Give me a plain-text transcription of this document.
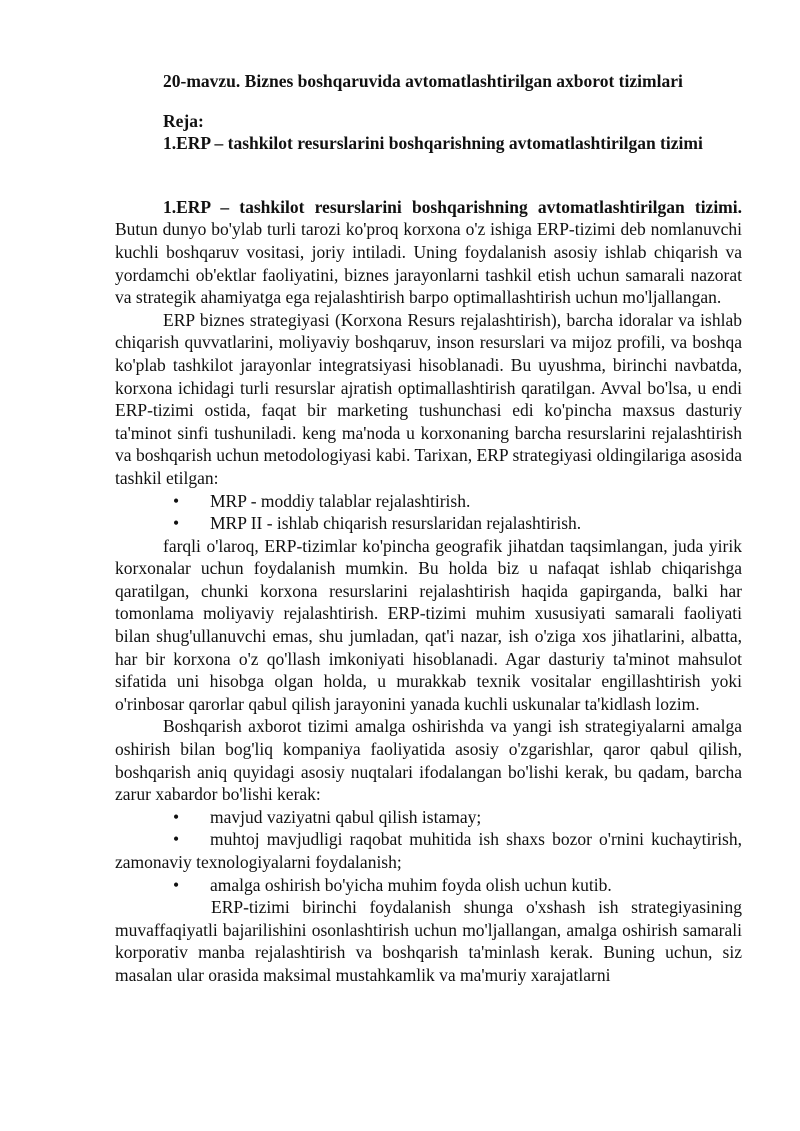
20-mavzu. Biznes boshqaruvida avtomatlashtirilgan axborot tizimlari

Reja:

1.ERP – tashkilot resurslarini boshqarishning avtomatlashtirilgan tizimi

1.ERP – tashkilot resurslarini boshqarishning avtomatlashtirilgan tizimi. Butun dunyo bo'ylab turli tarozi ko'proq korxona o'z ishiga ERP-tizimi deb nomlanuvchi kuchli boshqaruv vositasi, joriy intiladi. Uning foydalanish asosiy ishlab chiqarish va yordamchi ob'ektlar faoliyatini, biznes jarayonlarni tashkil etish uchun samarali nazorat va strategik ahamiyatga ega rejalashtirish barpo optimallashtirish uchun mo'ljallangan.

ERP biznes strategiyasi (Korxona Resurs rejalashtirish), barcha idoralar va ishlab chiqarish quvvatlarini, moliyaviy boshqaruv, inson resurslari va mijoz profili, va boshqa ko'plab tashkilot jarayonlar integratsiyasi hisoblanadi. Bu uyushma, birinchi navbatda, korxona ichidagi turli resurslar ajratish optimallashtirish qaratilgan. Avval bo'lsa, u endi ERP-tizimi ostida, faqat bir marketing tushunchasi edi ko'pincha maxsus dasturiy ta'minot sinfi tushuniladi. keng ma'noda u korxonaning barcha resurslarini rejalashtirish va boshqarish uchun metodologiyasi kabi. Tarixan, ERP strategiyasi oldingilariga asosida tashkil etilgan:

• MRP - moddiy talablar rejalashtirish.

• MRP II - ishlab chiqarish resurslaridan rejalashtirish.

farqli o'laroq, ERP-tizimlar ko'pincha geografik jihatdan taqsimlangan, juda yirik korxonalar uchun foydalanish mumkin. Bu holda biz u nafaqat ishlab chiqarishga qaratilgan, chunki korxona resurslarini rejalashtirish haqida gapirganda, balki har tomonlama moliyaviy rejalashtirish. ERP-tizimi muhim xususiyati samarali faoliyati bilan shug'ullanuvchi emas, shu jumladan, qat'i nazar, ish o'ziga xos jihatlarini, albatta, har bir korxona o'z qo'llash imkoniyati hisoblanadi. Agar dasturiy ta'minot mahsulot sifatida uni hisobga olgan holda, u murakkab texnik vositalar engillashtirish yoki o'rinbosar qarorlar qabul qilish jarayonini yanada kuchli uskunalar ta'kidlash lozim.

Boshqarish axborot tizimi amalga oshirishda va yangi ish strategiyalarni amalga oshirish bilan bog'liq kompaniya faoliyatida asosiy o'zgarishlar, qaror qabul qilish, boshqarish aniq quyidagi asosiy nuqtalari ifodalangan bo'lishi kerak, bu qadam, barcha zarur xabardor bo'lishi kerak:

• mavjud vaziyatni qabul qilish istamay;

• muhtoj mavjudligi raqobat muhitida ish shaxs bozor o'rnini kuchaytirish, zamonaviy texnologiyalarni foydalanish;

• amalga oshirish bo'yicha muhim foyda olish uchun kutib.

ERP-tizimi birinchi foydalanish shunga o'xshash ish strategiyasining muvaffaqiyatli bajarilishini osonlashtirish uchun mo'ljallangan, amalga oshirish samarali korporativ manba rejalashtirish va boshqarish ta'minlash kerak. Buning uchun, siz masalan ular orasida maksimal mustahkamlik va ma'muriy xarajatlarni
